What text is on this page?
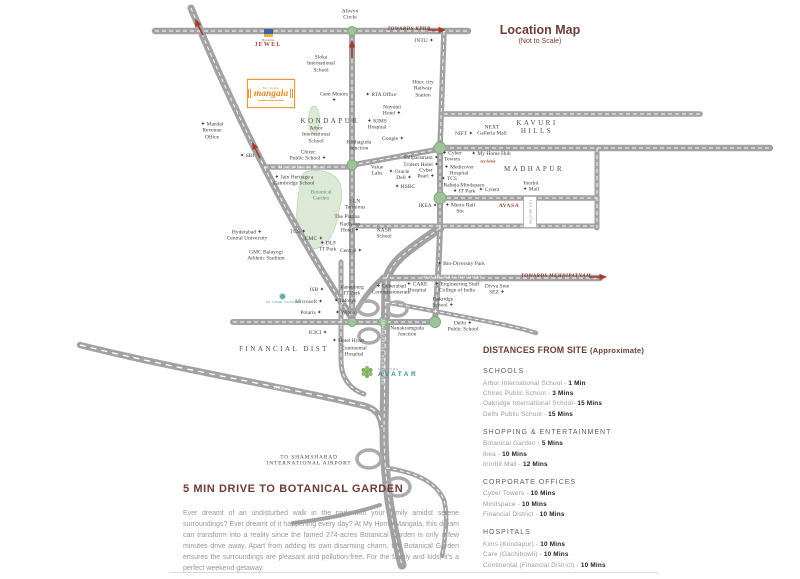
Allwyn
Circle
TOWARDS KPHB
JNTU ✦
TOWARDS MIYAPUR	Sloka
International
School
Gem Motors
✦
✦ RTA Office
Hitec city
Railway
Station
Novotel
Hotel ✦
✦ KIMS
Hospital
KONDAPUR
Google ✦
Arbor
International
School
Chirec
Public School ✦
Kothaguda
Junction
✦ SBI
✦ Mandal
Revenue
Office
Masjid Banda Road
✦ Jain Heritage a
Cambridge School
NIFT ✦
NEXT
Galleria Mall
KAVURI
HILLS
Shilparamam ✦
Trident Hotel ✦
✦ Cyber
Towers
✦ My Home Hub
my home
MADHAPUR
✦ Medicover
Hospital
✦ TCS
Value
Labs ✦ Oracle
Dell ✦
Cyber
Pearl ✦
✦ HSBC	Raheja Mindspace
✦ IT Park ✦ Cyient
Inorbit
✦ Mall
IKEA ✦ ✦ Metro Rail
Stn
AVASA
NASR
School
SLN
Terminus
The Platina
Radisson
Hotel ✦
TCS ✦
CMC ✦
✦ DLF
IT Park Central ✦
Hyderabad ✦
Central University
GMC Balayogi
Athletic Stadium
Botanical
Garden
✦ Bio-Diversity Park
OLD MUMBAI HIGHWAY	TOWARDS MEHDIPATNAM
✦ Cyberabad
Commissionerate
✦ CARE
Hospital
✦ Engineering Staff
College of India
Oakridge
School ✦
Divya Sree
SEZ ✦
Delhi ✦
Public School
Vanenburg
IT Park
ISB ✦
Microsoft ✦ ✦ Infosys
Polaris ✦ ✦ Wipro
ICICI ✦
✦ Hotel Hyatt
Continental
Hospital
FINANCIAL DIST
Nanakramguda
Junction
JAWAHARLAL NEHRU ORR
ORR
TO SHAMSHABAD
INTERNATIONAL AIRPORT
My Home
JEWEL
My Home
mangala
MY HOME VIHANGA
THE WESTIN
MY HOME
AVATAR
Location Map
(Not to Scale)
DISTANCES FROM SITE (Approximate)
SCHOOLS
Arbor International School - 1 Min
Chirec Public School - 3 Mins
Oakridge International School- 15 Mins
Delhi Public School - 15 Mins
SHOPPING & ENTERTAINMENT
Botanical Garden - 5 Mins
Ikea - 10 Mins
Inorbit Mall - 12 Mins
CORPORATE OFFICES
Cyber Towers - 10 Mins
Mindspace - 10 Mins
Financial District - 10 Mins
HOSPITALS
Kims (Kondapur) - 10 Mins
Care (Gachibowli) - 10 Mins
Continental (Financial District) - 10 Mins
5 MIN DRIVE TO BOTANICAL GARDEN
Ever dreamt of an undisturbed walk in the park with your family amidst serene surroundings? Ever dreamt of it happening every day? At My Home Mangala, this dream can transform into a reality since the famed 274-acres Botanical Garden is only a few minutes drive away. Apart from adding its own disarming charm, the Botanical Garden ensures the surroundings are pleasant and pollution-free. For the family and kids, it's a perfect weekend getaway.
